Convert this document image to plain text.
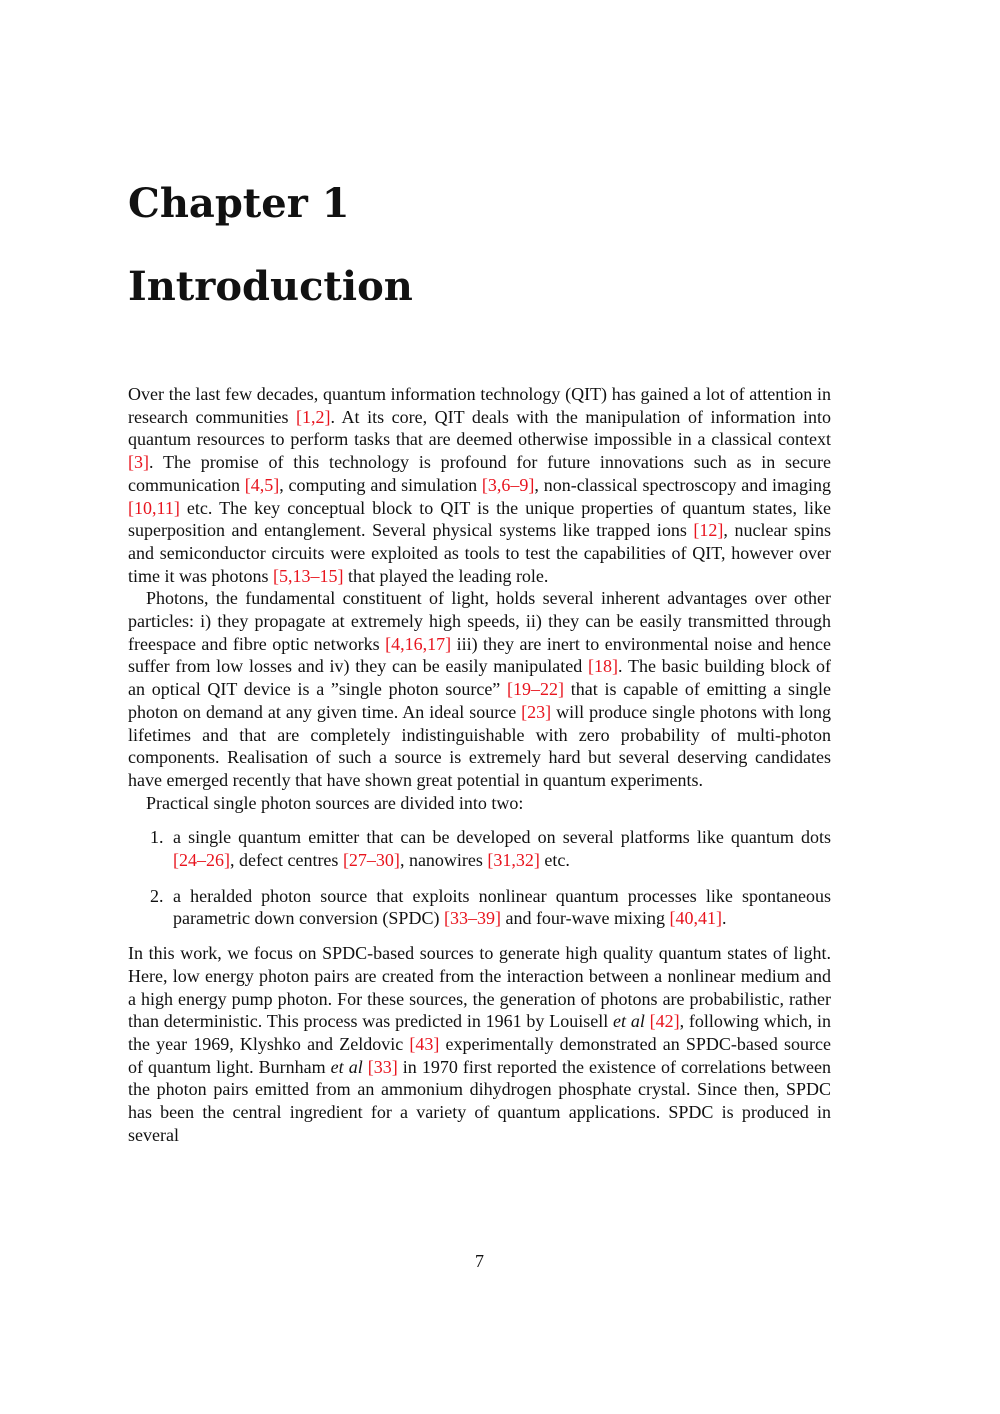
Chapter 1
Introduction

Over the last few decades, quantum information technology (QIT) has gained a lot of attention in research communities [1,2]. At its core, QIT deals with the manipulation of information into quantum resources to perform tasks that are deemed otherwise impossible in a classical context [3]. The promise of this technology is profound for future innovations such as in secure communication [4,5], computing and simulation [3,6–9], non-classical spectroscopy and imaging [10,11] etc. The key conceptual block to QIT is the unique properties of quantum states, like superposition and entanglement. Several physical systems like trapped ions [12], nuclear spins and semiconductor circuits were exploited as tools to test the capabilities of QIT, however over time it was photons [5,13–15] that played the leading role.

Photons, the fundamental constituent of light, holds several inherent advantages over other particles: i) they propagate at extremely high speeds, ii) they can be easily transmitted through freespace and fibre optic networks [4,16,17] iii) they are inert to environmental noise and hence suffer from low losses and iv) they can be easily manipulated [18]. The basic building block of an optical QIT device is a ”single photon source” [19–22] that is capable of emitting a single photon on demand at any given time. An ideal source [23] will produce single photons with long lifetimes and that are completely indistinguishable with zero probability of multi-photon components. Realisation of such a source is extremely hard but several deserving candidates have emerged recently that have shown great potential in quantum experiments.

Practical single photon sources are divided into two:

1. a single quantum emitter that can be developed on several platforms like quantum dots [24–26], defect centres [27–30], nanowires [31,32] etc.
2. a heralded photon source that exploits nonlinear quantum processes like spontaneous parametric down conversion (SPDC) [33–39] and four-wave mixing [40,41].

In this work, we focus on SPDC-based sources to generate high quality quantum states of light. Here, low energy photon pairs are created from the interaction between a nonlinear medium and a high energy pump photon. For these sources, the generation of photons are probabilistic, rather than deterministic. This process was predicted in 1961 by Louisell et al [42], following which, in the year 1969, Klyshko and Zeldovic [43] experimentally demonstrated an SPDC-based source of quantum light. Burnham et al [33] in 1970 first reported the existence of correlations between the photon pairs emitted from an ammonium dihydrogen phosphate crystal. Since then, SPDC has been the central ingredient for a variety of quantum applications. SPDC is produced in several

7
